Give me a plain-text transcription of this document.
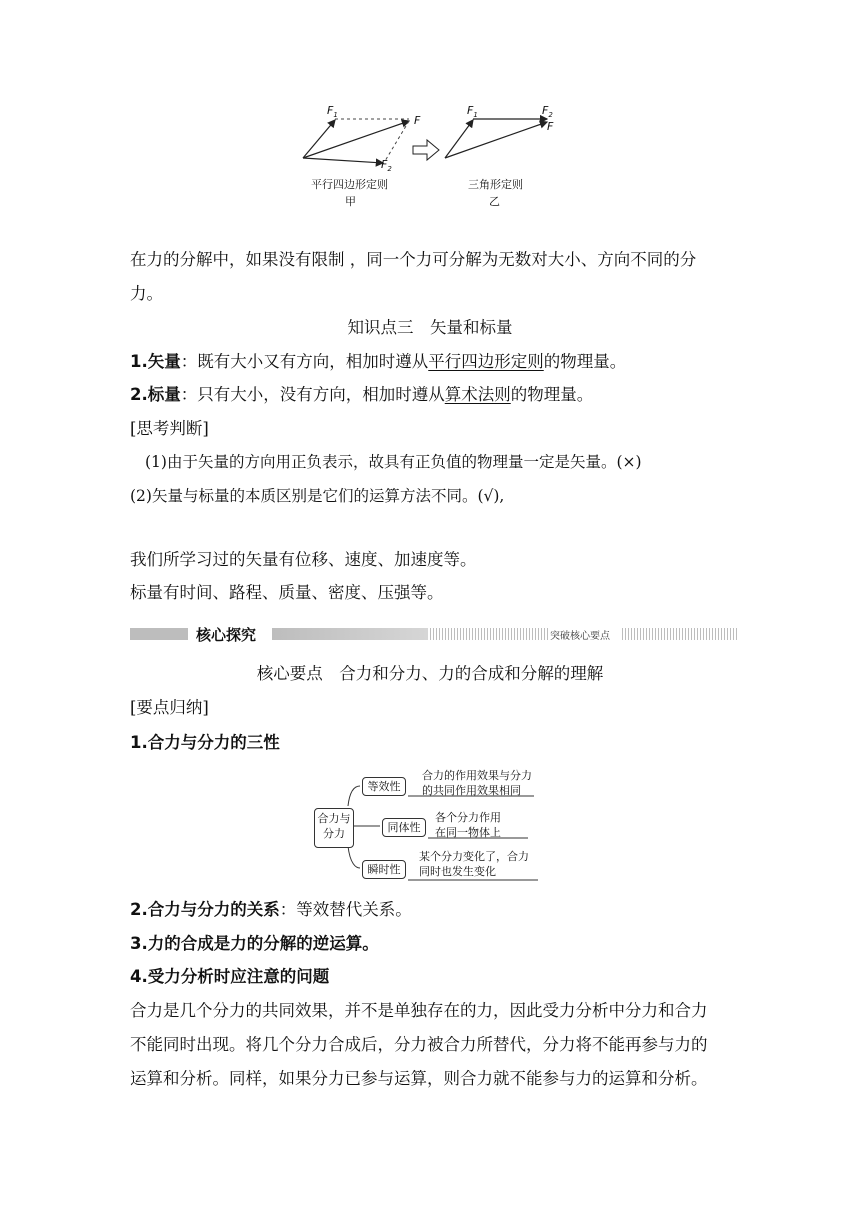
$F_1$	F
$F_2$
$F_1$	$F_2$
F
平行四边形定则
甲
三角形定则
乙
在力的分解中，如果没有限制 ，同一个力可分解为无数对大小、方向不同的分
力。
知识点三　矢量和标量
1.矢量：既有大小又有方向，相加时遵从平行四边形定则的物理量。
2.标量：只有大小，没有方向，相加时遵从算术法则的物理量。
[思考判断]
(1)由于矢量的方向用正负表示，故具有正负值的物理量一定是矢量。(×)
(2)矢量与标量的本质区别是它们的运算方法不同。(√),
我们所学习过的矢量有位移、速度、加速度等。
标量有时间、路程、质量、密度、压强等。
核心探究	突破核心要点
核心要点　合力和分力、力的合成和分解的理解
[要点归纳]
1.合力与分力的三性
合力与
分力
等效性
合力的作用效果与分力
的共同作用效果相同
同体性
各个分力作用
在同一物体上
瞬时性
某个分力变化了，合力
同时也发生变化
2.合力与分力的关系：等效替代关系。
3.力的合成是力的分解的逆运算。
4.受力分析时应注意的问题
合力是几个分力的共同效果，并不是单独存在的力，因此受力分析中分力和合力
不能同时出现。将几个分力合成后，分力被合力所替代，分力将不能再参与力的
运算和分析。同样，如果分力已参与运算，则合力就不能参与力的运算和分析。
